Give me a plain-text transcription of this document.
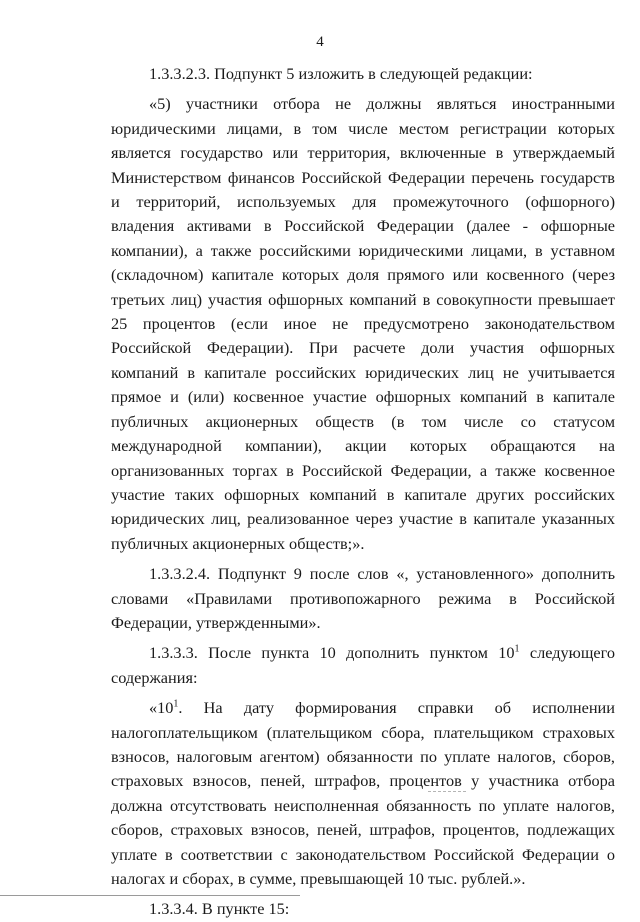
4

1.3.3.2.3. Подпункт 5 изложить в следующей редакции:

«5) участники отбора не должны являться иностранными юридическими лицами, в том числе местом регистрации которых является государство или территория, включенные в утверждаемый Министерством финансов Российской Федерации перечень государств и территорий, используемых для промежуточного (офшорного) владения активами в Российской Федерации (далее - офшорные компании), а также российскими юридическими лицами, в уставном (складочном) капитале которых доля прямого или косвенного (через третьих лиц) участия офшорных компаний в совокупности превышает 25 процентов (если иное не предусмотрено законодательством Российской Федерации). При расчете доли участия офшорных компаний в капитале российских юридических лиц не учитывается прямое и (или) косвенное участие офшорных компаний в капитале публичных акционерных обществ (в том числе со статусом международной компании), акции которых обращаются на организованных торгах в Российской Федерации, а также косвенное участие таких офшорных компаний в капитале других российских юридических лиц, реализованное через участие в капитале указанных публичных акционерных обществ;».

1.3.3.2.4. Подпункт 9 после слов «, установленного» дополнить словами «Правилами противопожарного режима в Российской Федерации, утвержденными».

1.3.3.3. После пункта 10 дополнить пунктом $10^1$ следующего содержания:

«$10^1$. На дату формирования справки об исполнении налогоплательщиком (плательщиком сбора, плательщиком страховых взносов, налоговым агентом) обязанности по уплате налогов, сборов, страховых взносов, пеней, штрафов, процентов у участника отбора должна отсутствовать неисполненная обязанность по уплате налогов, сборов, страховых взносов, пеней, штрафов, процентов, подлежащих уплате в соответствии с законодательством Российской Федерации о налогах и сборах, в сумме, превышающей 10 тыс. рублей.».

1.3.3.4. В пункте 15:
